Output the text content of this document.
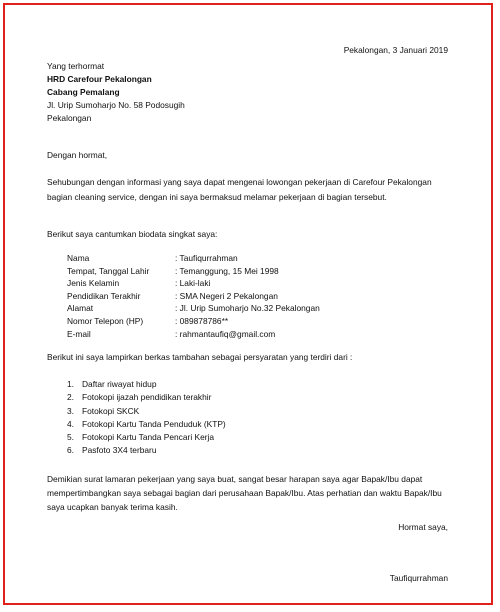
Pekalongan, 3 Januari 2019
Yang terhormat
HRD Carefour Pekalongan
Cabang Pemalang
Jl. Urip Sumoharjo No. 58 Podosugih
Pekalongan
Dengan hormat,
Sehubungan dengan informasi yang saya dapat mengenai lowongan pekerjaan di Carefour Pekalongan bagian cleaning service, dengan ini saya bermaksud melamar pekerjaan di bagian tersebut.
Berikut saya cantumkan biodata singkat saya:
Nama	: Taufiqurrahman
Tempat, Tanggal Lahir	: Temanggung, 15 Mei 1998
Jenis Kelamin	: Laki-laki
Pendidikan Terakhir	: SMA Negeri 2 Pekalongan
Alamat	: Jl. Urip Sumoharjo No.32 Pekalongan
Nomor Telepon (HP)	: 089878786**
E-mail	: rahmantaufiq@gmail.com
Berikut ini saya lampirkan berkas tambahan sebagai persyaratan yang terdiri dari :
1. Daftar riwayat hidup
2. Fotokopi ijazah pendidikan terakhir
3. Fotokopi SKCK
4. Fotokopi Kartu Tanda Penduduk (KTP)
5. Fotokopi Kartu Tanda Pencari Kerja
6. Pasfoto 3X4 terbaru
Demikian surat lamaran pekerjaan yang saya buat, sangat besar harapan saya agar Bapak/Ibu dapat mempertimbangkan saya sebagai bagian dari perusahaan Bapak/Ibu. Atas perhatian dan waktu Bapak/Ibu saya ucapkan banyak terima kasih.
Hormat saya,
Taufiqurrahman
